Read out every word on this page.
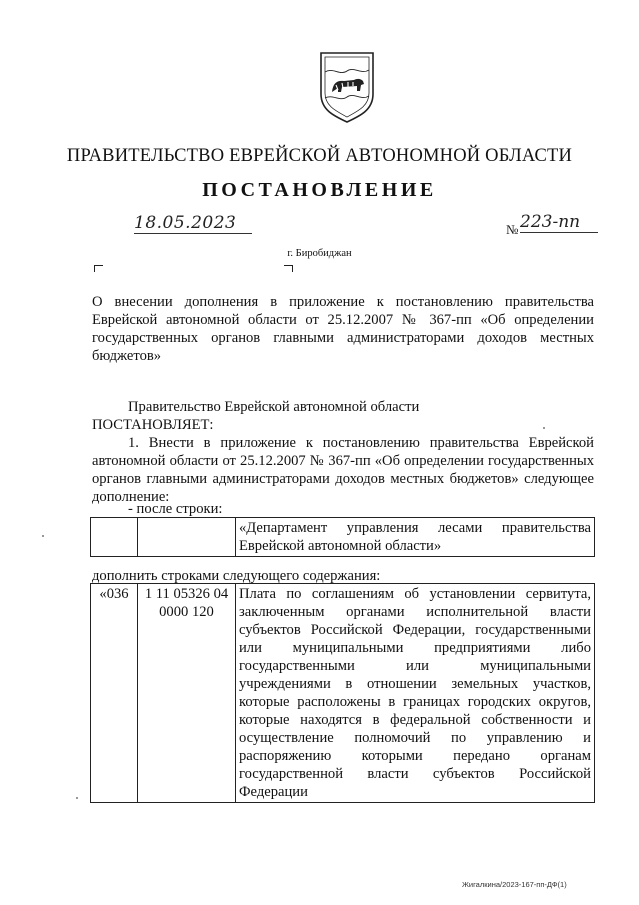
ПРАВИТЕЛЬСТВО ЕВРЕЙСКОЙ АВТОНОМНОЙ ОБЛАСТИ
ПОСТАНОВЛЕНИЕ
18.05.2023	№ 223-пп
г. Биробиджан
О внесении дополнения в приложение к постановлению правительства Еврейской автономной области от 25.12.2007 № 367-пп «Об определении государственных органов главными администраторами доходов местных бюджетов»
Правительство Еврейской автономной области
ПОСТАНОВЛЯЕТ:
1. Внести в приложение к постановлению правительства Еврейской автономной области от 25.12.2007 № 367-пп «Об определении государственных органов главными администраторами доходов местных бюджетов» следующее дополнение:
- после строки:
		«Департамент управления лесами правительства Еврейской автономной области»
дополнить строками следующего содержания:
«036	1 11 05326 04 0000 120	Плата по соглашениям об установлении сервитута, заключенным органами исполнительной власти субъектов Российской Федерации, государственными или муниципальными предприятиями либо государственными или муниципальными учреждениями в отношении земельных участков, которые расположены в границах городских округов, которые находятся в федеральной собственности и осуществление полномочий по управлению и распоряжению которыми передано органам государственной власти субъектов Российской Федерации
Жигалкина/2023-167-пп-ДФ(1)
